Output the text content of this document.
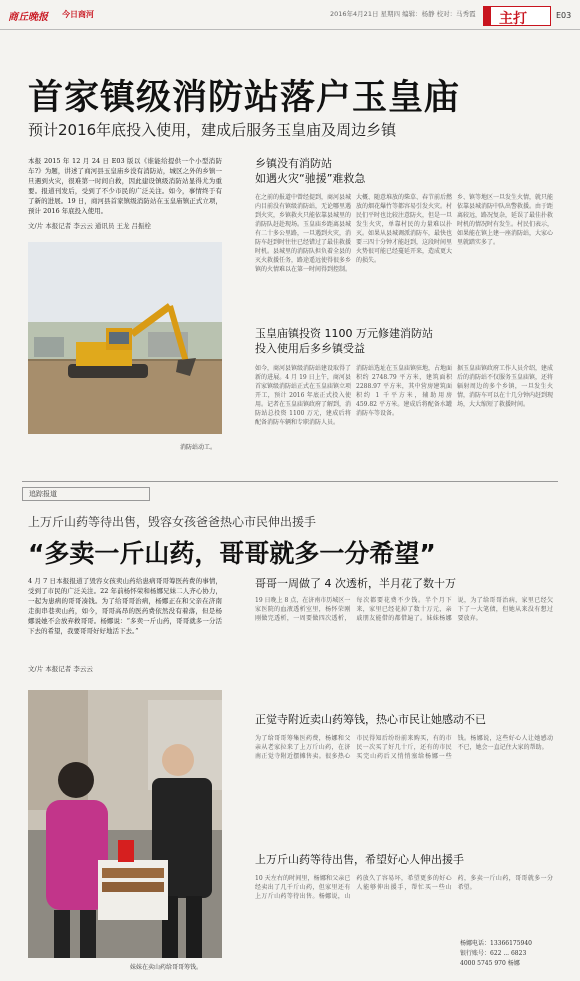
商丘晚报 今日商河	2016年4月21日 星期四 编辑：杨静 校对：马秀霞 主打	E03
首家镇级消防站落户玉皇庙
预计2016年底投入使用，建成后服务玉皇庙及周边乡镇
本报 2015 年 12 月 24 日 E03 版以《谁能给提供一个小型消防车?》为题，讲述了商河县玉皇庙乡没有消防站，城区之外的乡镇一旦遇到火灾，很难第一时间自救，因此建设镇级消防站显得尤为重要。报道刊发后，受到了不少市民的广泛关注。如今，事情终于有了新的进展。19 日，商河县首家镇级消防站在玉皇庙镇正式立项，预计 2016 年底投入使用。
文/片 本报记者 李云云 通讯员 王龙 吕振栓
消防站动工。
乡镇没有消防站
如遇火灾“驰援”难救急
在之前的报道中曾经提到，商河县城内目前没有镇级消防站，无论哪里遇到火灾，乡镇救火只能依靠县城里的消防队赶赴现场。玉皇庙乡距离县城有二十多公里路，一旦遇到火灾，消防车赶到时往往已经错过了最佳救援时机。县城里的消防队担负着全县的灭火救援任务，路途遥远使得很多乡镇的火情难以在第一时间得到控制。
大概、随意堆放的柴草、春节前后燃放的烟花爆竹等都容易引发火灾。村民们平时也比较注意防火，但是一旦发生火灾，单靠村民的力量难以扑灭。如果从县城调派消防车，最快也要三四十分钟才能赶到，这段时间里火势很可能已经蔓延开来，造成更大的损失。
乡、镇等地区一旦发生火情，就只能依靠县城消防中队出警救援。由于距离较远，路况复杂，延误了最佳扑救时机的情况时有发生。村民们表示，如果能在镇上建一座消防站，大家心里就踏实多了。
玉皇庙镇投资 1100 万元修建消防站
投入使用后多乡镇受益
如今，商河县镇级消防站建设取得了新的进展。4 月 19 日上午，商河县首家镇级消防站正式在玉皇庙镇立项开工，预计 2016 年底正式投入使用。记者在玉皇庙镇政府了解到，消防站总投资 1100 万元，建成后将配备消防车辆和专职消防人员。
消防站选址在玉皇庙镇驻地，占地面积约 2748.79 平方米，建筑面积 2288.97 平方米，其中营房建筑面积约 1 千平方米，辅助用房 459.82 平方米。建成后将配备水罐消防车等设备。
据玉皇庙镇政府工作人员介绍，建成后的消防站不仅服务玉皇庙镇，还将辐射周边的多个乡镇，一旦发生火情，消防车可以在十几分钟内赶到现场，大大缩短了救援时间。
追踪报道
上万斤山药等待出售，毁容女孩爸爸热心市民伸出援手
“多卖一斤山药，哥哥就多一分希望”
4 月 7 日本报报道了毁容女孩卖山药给患病哥哥筹医药费的事情，受到了市民的广泛关注。22 年前杨怀荣和杨娜兄妹二人齐心协力，一起为患病的哥哥凑钱。为了给哥哥治病，杨娜正在和父亲在济南走街串巷卖山药，如今，哥哥高昂的医药费依然没有着落，但是杨娜说她不会放弃救哥哥。杨娜说：“多卖一斤山药，哥哥就多一分活下去的希望，我要哥哥好好地活下去。”
文/片 本报记者 李云云
妹妹在卖山药给哥哥筹钱。
哥哥一周做了 4 次透析，半月花了数十万
19 日晚上 8 点，在济南市历城区一家医院的血液透析室里，杨怀荣刚刚做完透析，一周要做四次透析，每次都要花费不少钱。半个月下来，家里已经花掉了数十万元，亲戚朋友能借的都借遍了。妹妹杨娜说，为了给哥哥治病，家里已经欠下了一大笔债，但她从来没有想过要放弃。
正觉寺附近卖山药筹钱，热心市民让她感动不已
为了给哥哥筹集医药费，杨娜和父亲从老家拉来了上万斤山药，在济南正觉寺附近摆摊售卖。很多热心市民得知后纷纷前来购买，有的市民一次买了好几十斤，还有的市民买完山药后又悄悄塞给杨娜一些钱。杨娜说，这些好心人让她感动不已，她会一直记住大家的帮助。
上万斤山药等待出售，希望好心人伸出援手
10 天左右的时间里，杨娜和父亲已经卖出了几千斤山药，但家里还有上万斤山药等待出售。杨娜说，山药放久了容易坏，希望更多的好心人能够伸出援手，帮忙买一些山药，多卖一斤山药，哥哥就多一分希望。
杨娜电话：13366175940
银行账号：622 ... 6823
4000 5745 970 杨娜
